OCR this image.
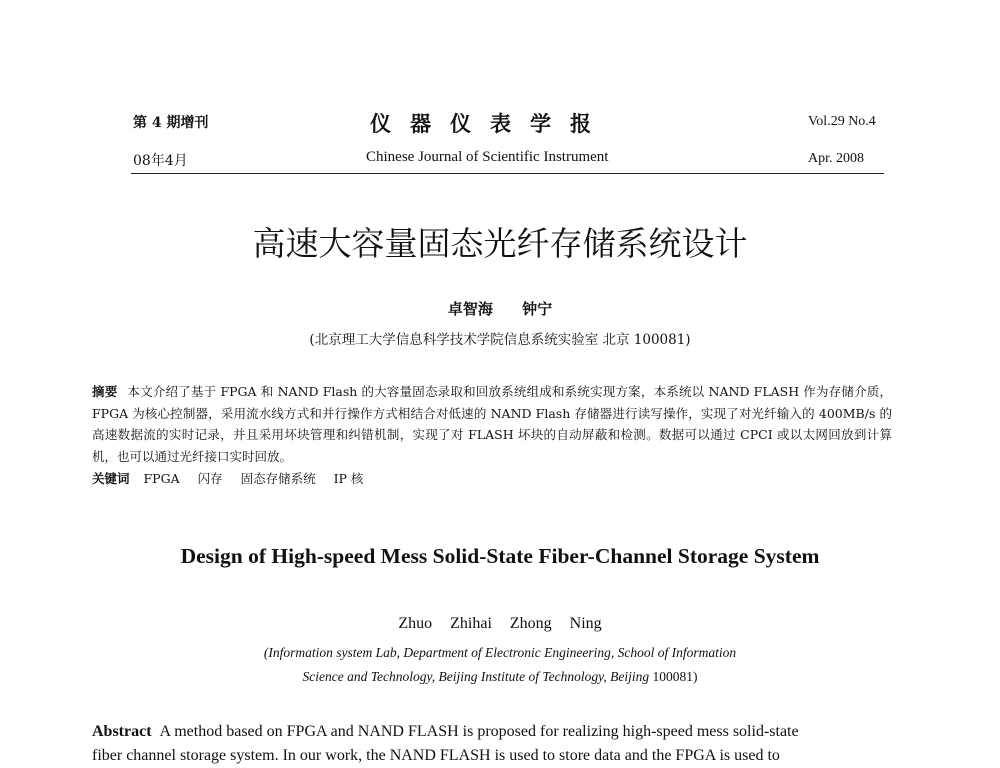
第 4 期增刊	仪器仪表学报	Vol.29 No.4
08年4月	Chinese Journal of Scientific Instrument	Apr. 2008
高速大容量固态光纤存储系统设计
卓智海 钟宁
(北京理工大学信息科学技术学院信息系统实验室 北京 100081)

摘要 本文介绍了基于 FPGA 和 NAND Flash 的大容量固态录取和回放系统组成和系统实现方案，本系统以 NAND FLASH 作为存储介质，FPGA 为核心控制器，采用流水线方式和并行操作方式相结合对低速的 NAND Flash 存储器进行读写操作，实现了对光纤输入的 400MB/s 的高速数据流的实时记录，并且采用坏块管理和纠错机制，实现了对 FLASH 坏块的自动屏蔽和检测。数据可以通过 CPCI 或以太网回放到计算机，也可以通过光纤接口实时回放。

关键词 FPGA 闪存 固态存储系统 IP 核

Design of High-speed Mess Solid-State Fiber-Channel Storage System
Zhuo Zhihai Zhong Ning
(Information system Lab, Department of Electronic Engineering, School of Information
Science and Technology, Beijing Institute of Technology, Beijing 100081)

Abstract A method based on FPGA and NAND FLASH is proposed for realizing high-speed mess solid-state

fiber channel storage system. In our work, the NAND FLASH is used to store data and the FPGA is used to
